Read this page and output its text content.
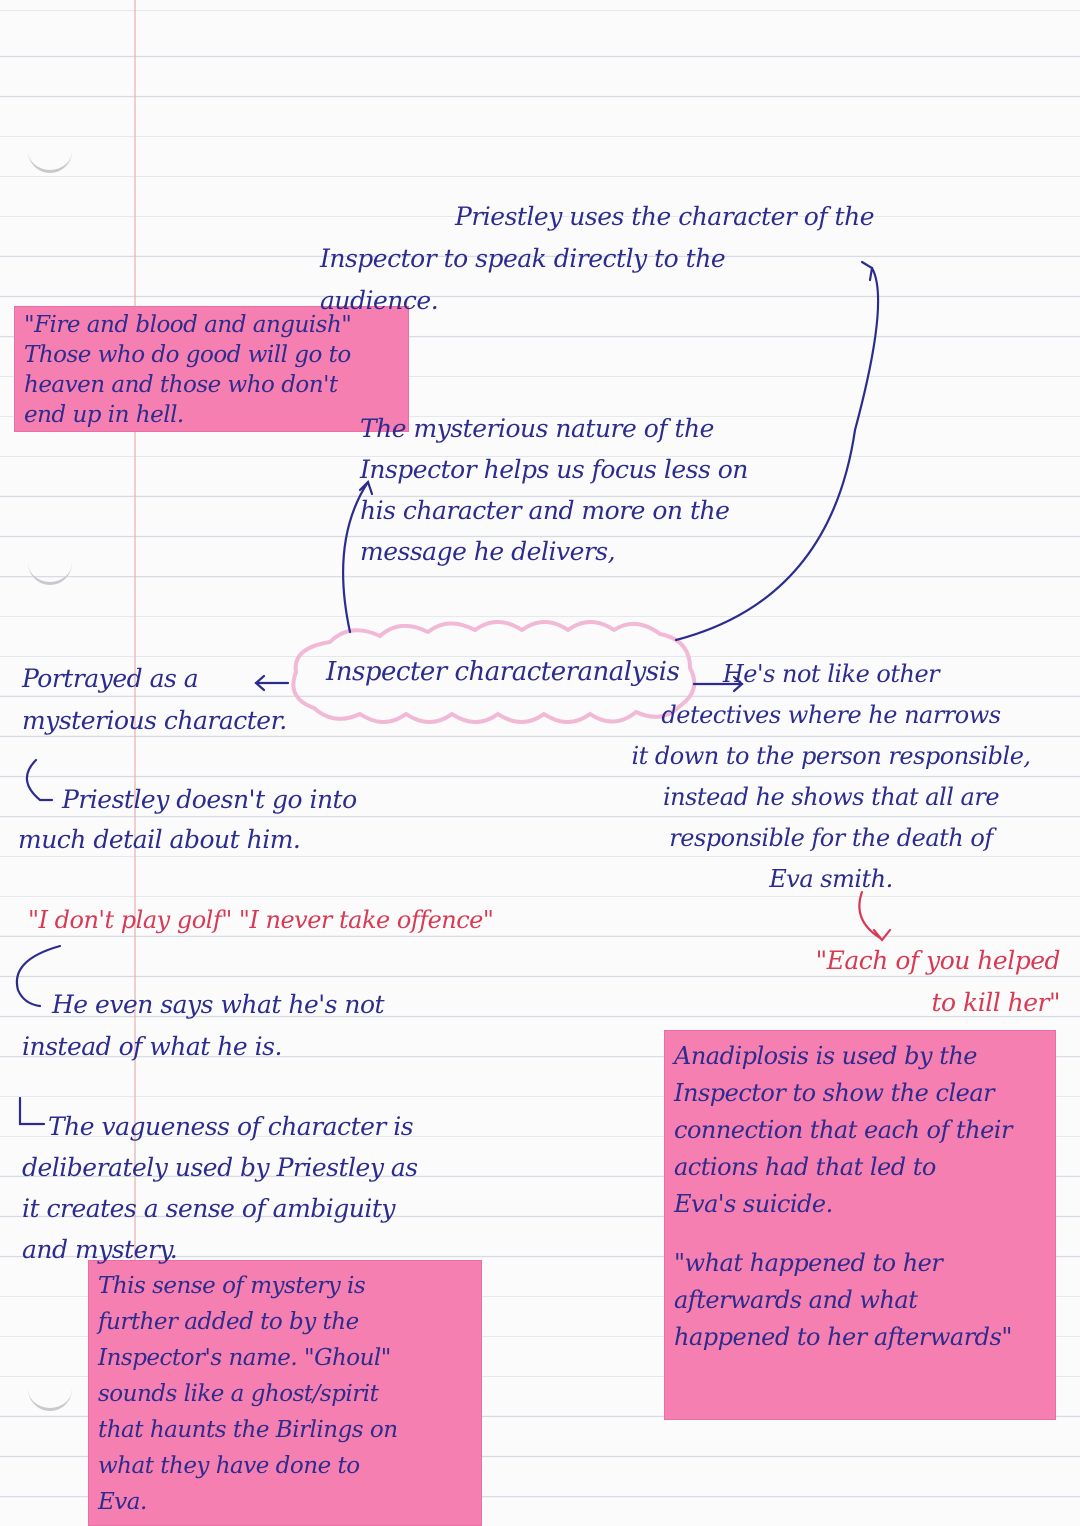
"Fire and blood and anguish"
Those who do good will go to
heaven and those who don't
end up in hell.

Anadiplosis is used by the
Inspector to show the clear
connection that each of their
actions had that led to
Eva's suicide.

"what happened to her
afterwards and what
happened to her afterwards"

This sense of mystery is
further added to by the
Inspector's name. "Ghoul"
sounds like a ghost/spirit
that haunts the Birlings on
what they have done to
Eva.

Priestley uses the character of the
Inspector to speak directly to the
audience.

The mysterious nature of the
Inspector helps us focus less on
his character and more on the
message he delivers,

Inspecter characteranalysis

Portrayed as a
mysterious character.

He's not like other
detectives where he narrows
it down to the person responsible,
instead he shows that all are
responsible for the death of
Eva smith.

Priestley doesn't go into
much detail about him.

"I don't play golf" "I never take offence"

"Each of you helped
to kill her"

He even says what he's not
instead of what he is.

The vagueness of character is
deliberately used by Priestley as
it creates a sense of ambiguity
and mystery.
